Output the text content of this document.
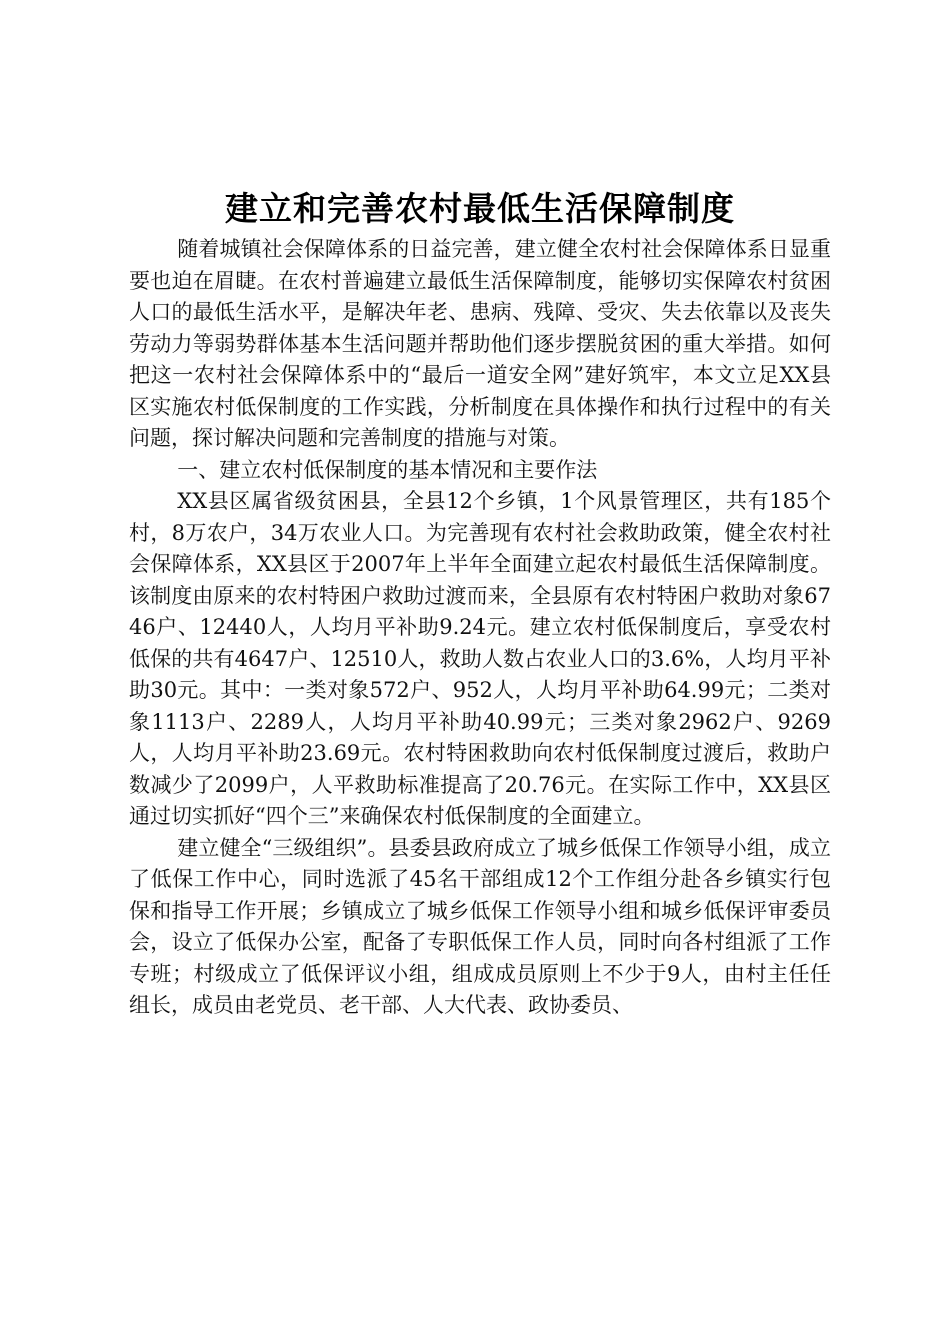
建立和完善农村最低生活保障制度

随着城镇社会保障体系的日益完善，建立健全农村社会保障体系日显重要也迫在眉睫。在农村普遍建立最低生活保障制度，能够切实保障农村贫困人口的最低生活水平，是解决年老、患病、残障、受灾、失去依靠以及丧失劳动力等弱势群体基本生活问题并帮助他们逐步摆脱贫困的重大举措。如何把这一农村社会保障体系中的“最后一道安全网”建好筑牢，本文立足XX县区实施农村低保制度的工作实践，分析制度在具体操作和执行过程中的有关问题，探讨解决问题和完善制度的措施与对策。

一、建立农村低保制度的基本情况和主要作法

XX县区属省级贫困县，全县12个乡镇，1个风景管理区，共有185个村，8万农户，34万农业人口。为完善现有农村社会救助政策，健全农村社会保障体系，XX县区于2007年上半年全面建立起农村最低生活保障制度。该制度由原来的农村特困户救助过渡而来，全县原有农村特困户救助对象6746户、12440人，人均月平补助9.24元。建立农村低保制度后，享受农村低保的共有4647户、12510人，救助人数占农业人口的3.6%，人均月平补助30元。其中：一类对象572户、952人，人均月平补助64.99元；二类对象1113户、2289人，人均月平补助40.99元；三类对象2962户、9269人，人均月平补助23.69元。农村特困救助向农村低保制度过渡后，救助户数减少了2099户，人平救助标准提高了20.76元。在实际工作中，XX县区通过切实抓好“四个三”来确保农村低保制度的全面建立。

建立健全“三级组织”。县委县政府成立了城乡低保工作领导小组，成立了低保工作中心，同时选派了45名干部组成12个工作组分赴各乡镇实行包保和指导工作开展；乡镇成立了城乡低保工作领导小组和城乡低保评审委员会，设立了低保办公室，配备了专职低保工作人员，同时向各村组派了工作专班；村级成立了低保评议小组，组成成员原则上不少于9人，由村主任任组长，成员由老党员、老干部、人大代表、政协委员、
